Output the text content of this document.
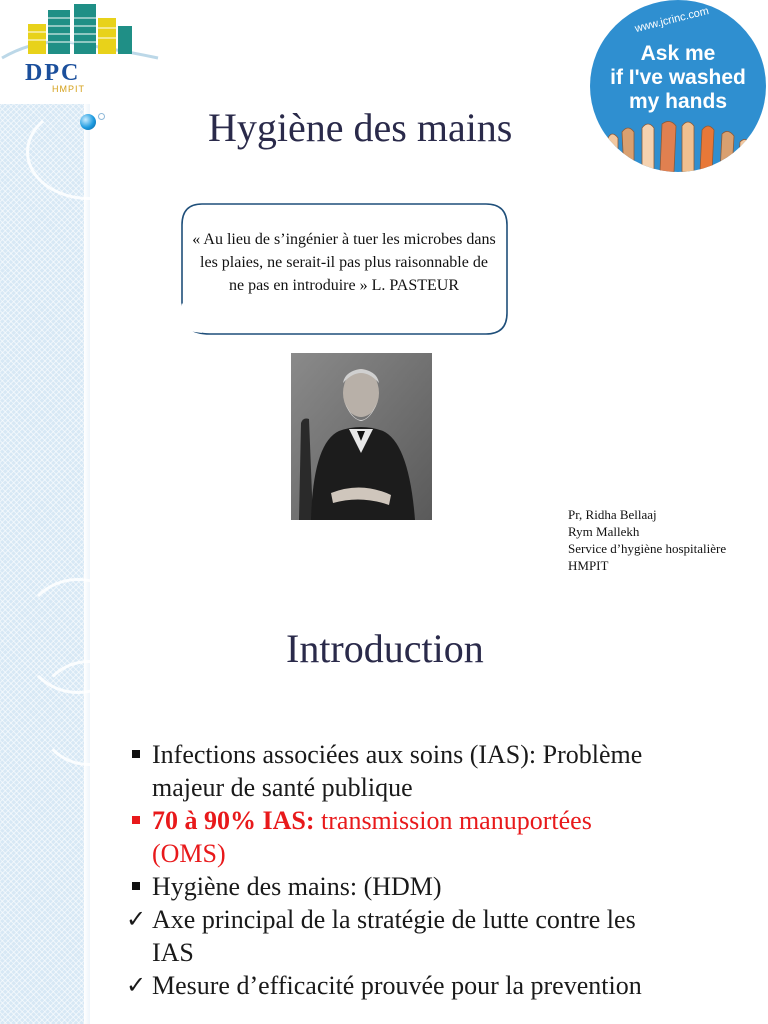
DPC
HMPIT
www.jcrinc.com
Ask me
if I've washed
my hands
Hygiène des mains
« Au lieu de s’ingénier à tuer les microbes dans les plaies, ne serait-il pas plus raisonnable de ne pas en introduire » L. PASTEUR
Pr, Ridha Bellaaj
Rym Mallekh
Service d’hygiène hospitalière
HMPIT
Introduction
Infections associées aux soins (IAS): Problème
majeur de santé publique
70 à 90% IAS: transmission manuportées
(OMS)
Hygiène des mains: (HDM)
✓ Axe principal de la stratégie de lutte contre les
IAS
✓ Mesure d’efficacité prouvée pour la prevention
